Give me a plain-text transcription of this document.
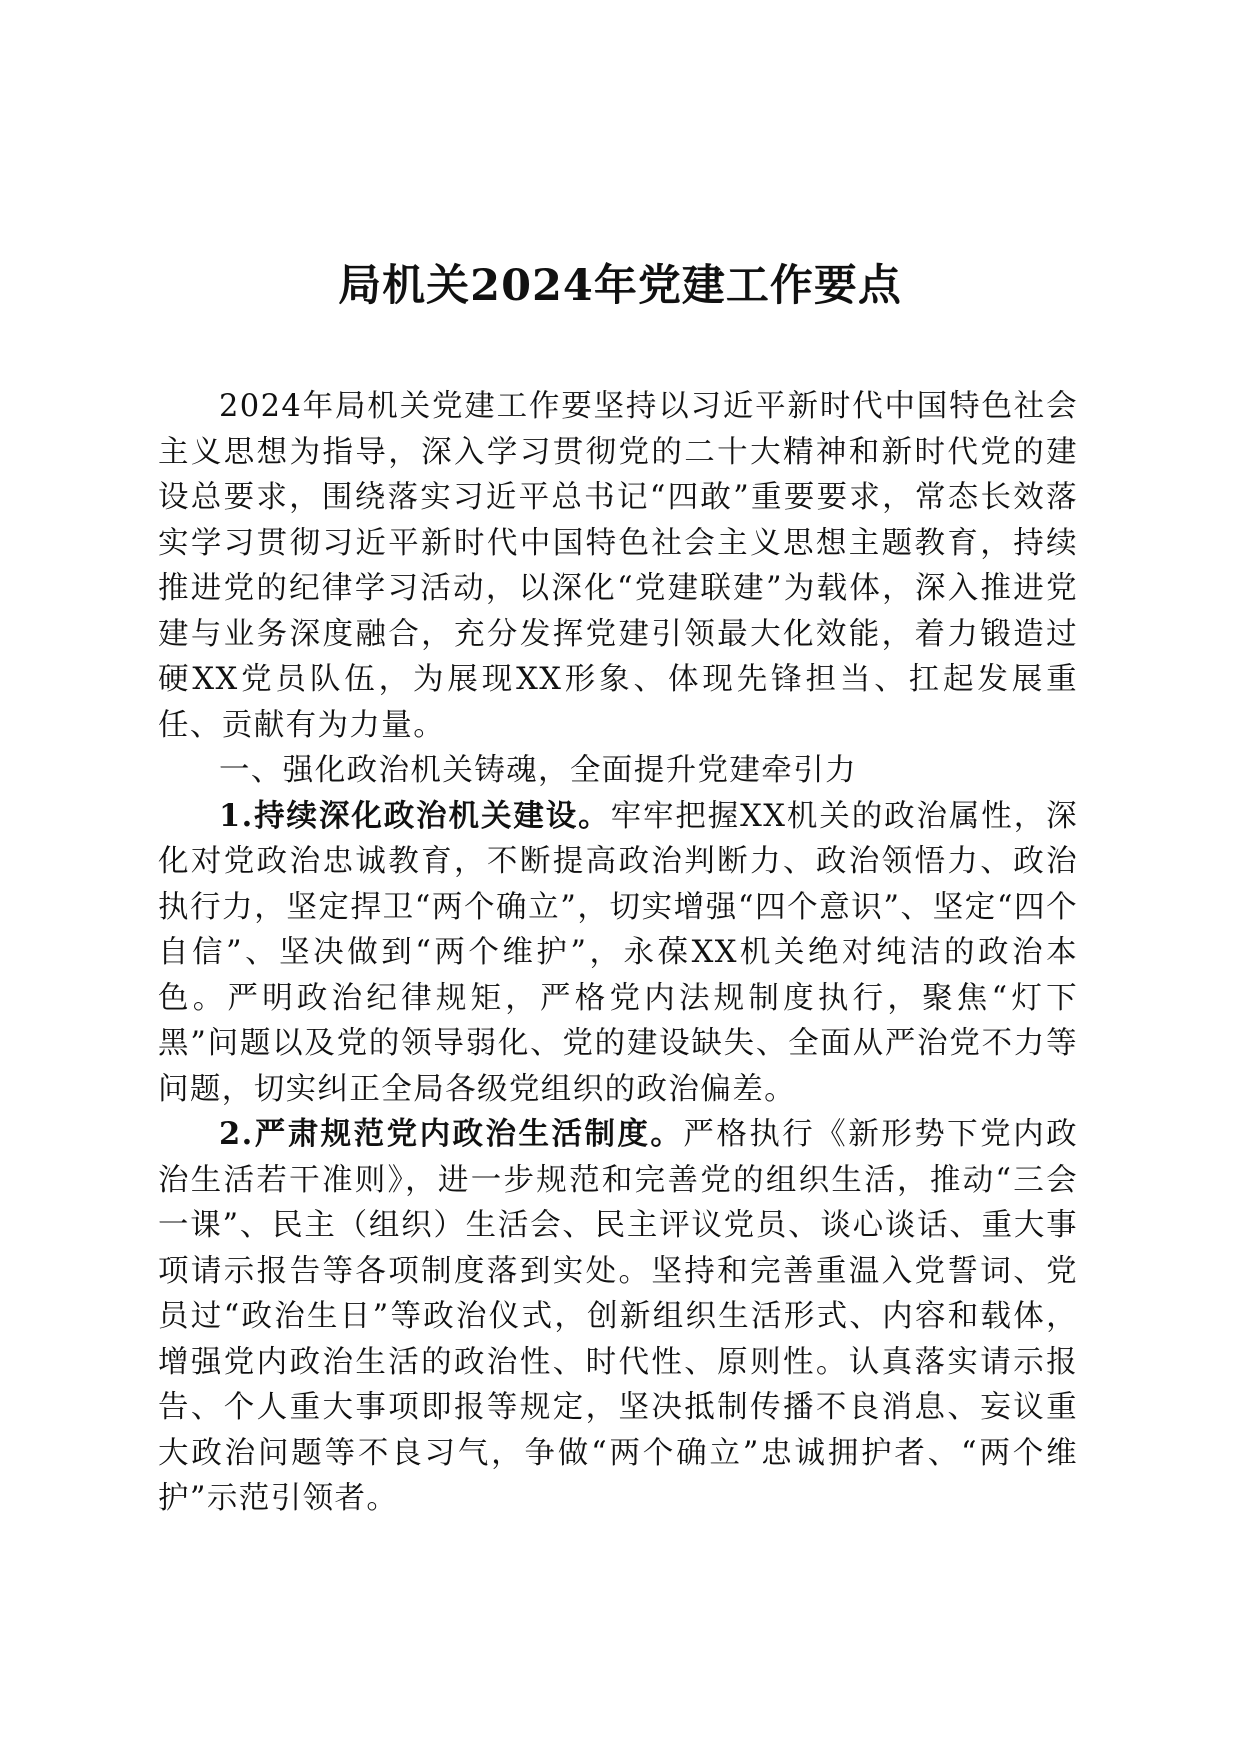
局机关2024年党建工作要点

2024年局机关党建工作要坚持以习近平新时代中国特色社会主义思想为指导，深入学习贯彻党的二十大精神和新时代党的建设总要求，围绕落实习近平总书记“四敢”重要要求，常态长效落实学习贯彻习近平新时代中国特色社会主义思想主题教育，持续推进党的纪律学习活动，以深化“党建联建”为载体，深入推进党建与业务深度融合，充分发挥党建引领最大化效能，着力锻造过硬XX党员队伍，为展现XX形象、体现先锋担当、扛起发展重任、贡献有为力量。

一、强化政治机关铸魂，全面提升党建牵引力

1.持续深化政治机关建设。牢牢把握XX机关的政治属性，深化对党政治忠诚教育，不断提高政治判断力、政治领悟力、政治执行力，坚定捍卫“两个确立”，切实增强“四个意识”、坚定“四个自信”、坚决做到“两个维护”，永葆XX机关绝对纯洁的政治本色。严明政治纪律规矩，严格党内法规制度执行，聚焦“灯下黑”问题以及党的领导弱化、党的建设缺失、全面从严治党不力等问题，切实纠正全局各级党组织的政治偏差。

2.严肃规范党内政治生活制度。严格执行《新形势下党内政治生活若干准则》，进一步规范和完善党的组织生活，推动“三会一课”、民主（组织）生活会、民主评议党员、谈心谈话、重大事项请示报告等各项制度落到实处。坚持和完善重温入党誓词、党员过“政治生日”等政治仪式，创新组织生活形式、内容和载体，增强党内政治生活的政治性、时代性、原则性。认真落实请示报告、个人重大事项即报等规定，坚决抵制传播不良消息、妄议重大政治问题等不良习气，争做“两个确立”忠诚拥护者、“两个维护”示范引领者。
